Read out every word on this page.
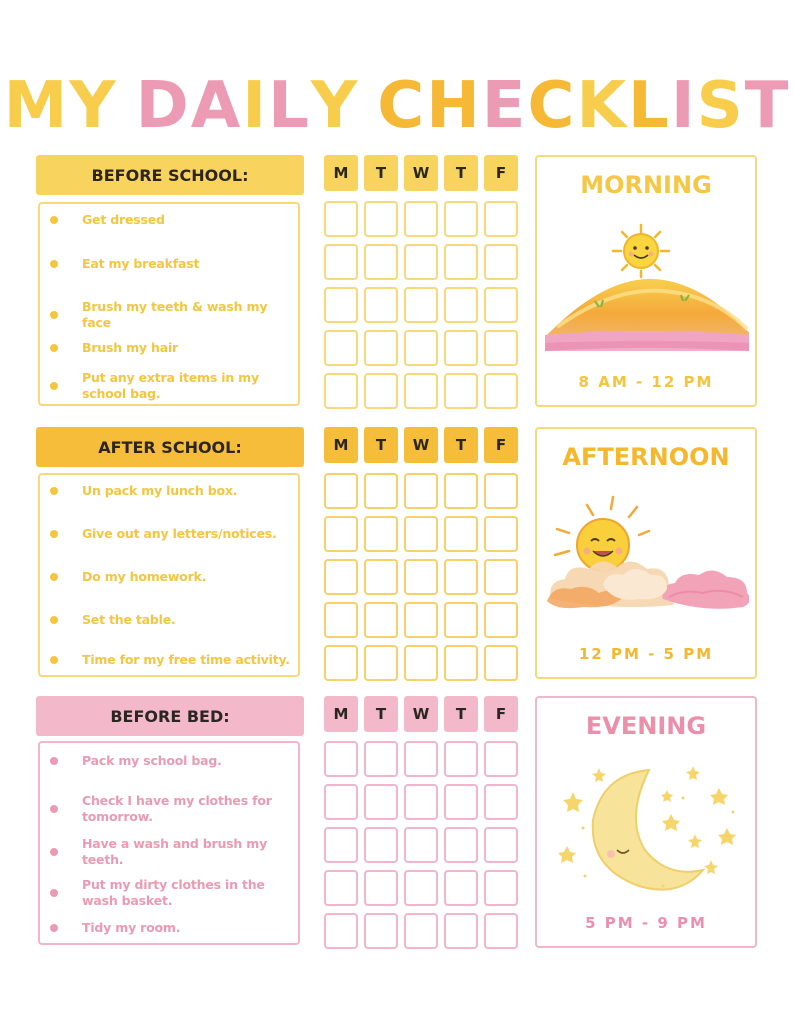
MY DAILY CHECKLIST
BEFORE SCHOOL:
Get dressed
Eat my breakfast
Brush my teeth & wash my face
Brush my hair
Put any extra items in my
school bag.
M	T	W	T	F	MORNING
8 AM - 12 PM
AFTER SCHOOL:
Un pack my lunch box.
Give out any letters/notices.
Do my homework.
Set the table.
Time for my free time activity.
M	T	W	T	F	AFTERNOON
12 PM - 5 PM
BEFORE BED:
Pack my school bag.
Check I have my clothes for
tomorrow.
Have a wash and brush my
teeth.
Put my dirty clothes in the
wash basket.
Tidy my room.
M	T	W	T	F	EVENING
5 PM - 9 PM
